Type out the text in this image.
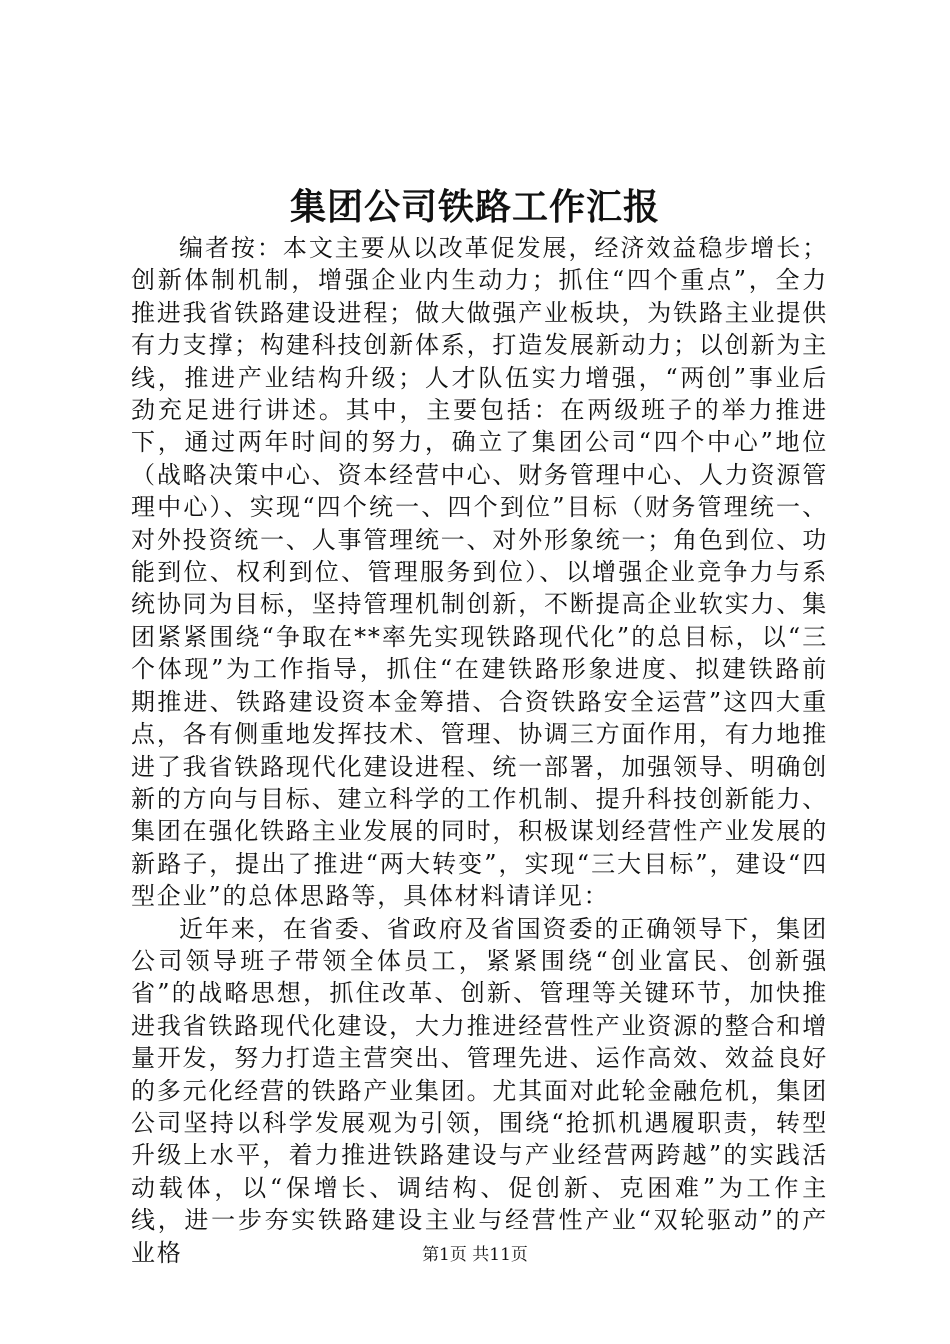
集团公司铁路工作汇报

编者按：本文主要从以改革促发展，经济效益稳步增长；创新体制机制，增强企业内生动力；抓住“四个重点”，全力推进我省铁路建设进程；做大做强产业板块，为铁路主业提供有力支撑；构建科技创新体系，打造发展新动力；以创新为主线，推进产业结构升级；人才队伍实力增强，“两创”事业后劲充足进行讲述。其中，主要包括：在两级班子的举力推进下，通过两年时间的努力，确立了集团公司“四个中心”地位（战略决策中心、资本经营中心、财务管理中心、人力资源管理中心）、实现“四个统一、四个到位”目标（财务管理统一、对外投资统一、人事管理统一、对外形象统一；角色到位、功能到位、权利到位、管理服务到位）、以增强企业竞争力与系统协同为目标，坚持管理机制创新，不断提高企业软实力、集团紧紧围绕“争取在**率先实现铁路现代化”的总目标，以“三个体现”为工作指导，抓住“在建铁路形象进度、拟建铁路前期推进、铁路建设资本金筹措、合资铁路安全运营”这四大重点，各有侧重地发挥技术、管理、协调三方面作用，有力地推进了我省铁路现代化建设进程、统一部署，加强领导、明确创新的方向与目标、建立科学的工作机制、提升科技创新能力、集团在强化铁路主业发展的同时，积极谋划经营性产业发展的新路子，提出了推进“两大转变”，实现“三大目标”，建设“四型企业”的总体思路等，具体材料请详见：

近年来，在省委、省政府及省国资委的正确领导下，集团公司领导班子带领全体员工，紧紧围绕“创业富民、创新强省”的战略思想，抓住改革、创新、管理等关键环节，加快推进我省铁路现代化建设，大力推进经营性产业资源的整合和增量开发，努力打造主营突出、管理先进、运作高效、效益良好的多元化经营的铁路产业集团。尤其面对此轮金融危机，集团公司坚持以科学发展观为引领，围绕“抢抓机遇履职责，转型升级上水平，着力推进铁路建设与产业经营两跨越”的实践活动载体，以“保增长、调结构、促创新、克困难”为工作主线，进一步夯实铁路建设主业与经营性产业“双轮驱动”的产业格	第1页 共11页
